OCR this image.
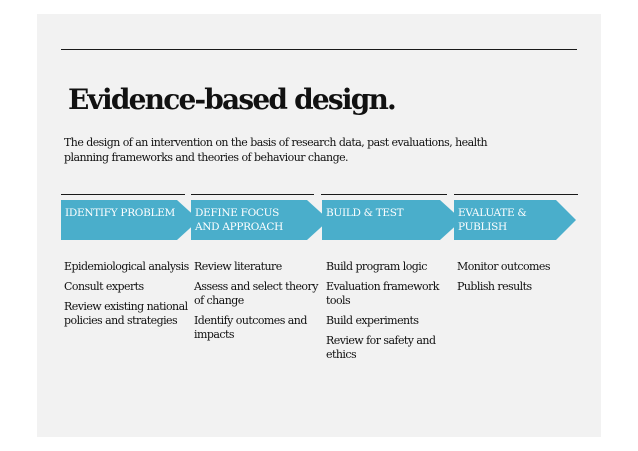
Evidence-based design.

The design of an intervention on the basis of research data, past evaluations, health planning frameworks and theories of behaviour change.

IDENTIFY PROBLEM DEFINE FOCUS AND APPROACH
BUILD & TEST	EVALUATE & PUBLISH
Epidemiological analysis
Consult experts
Review existing national policies and strategies
Review literature
Assess and select theory of change
Identify outcomes and impacts
Build program logic
Evaluation framework tools
Build experiments
Review for safety and ethics
Monitor outcomes
Publish results
